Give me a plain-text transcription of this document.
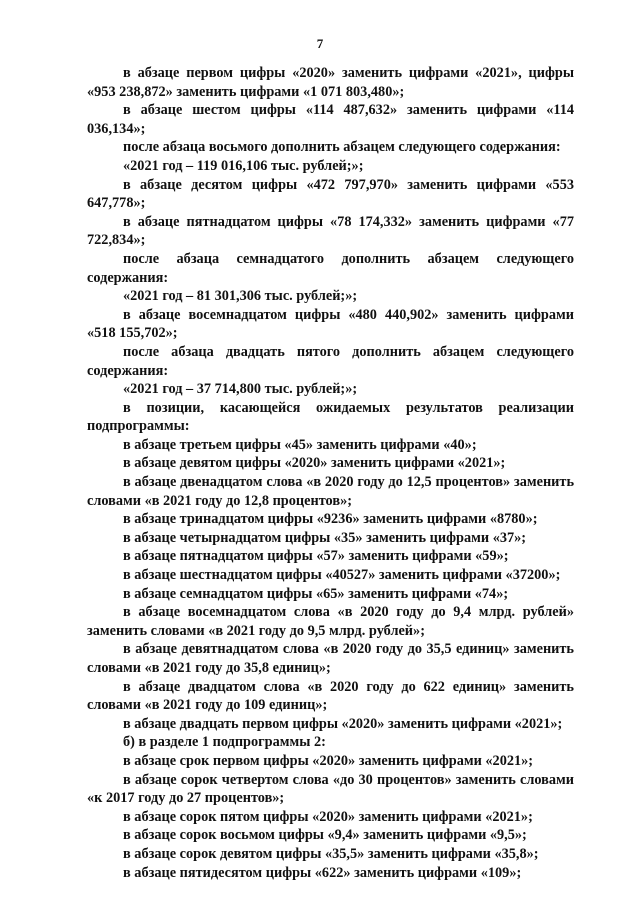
7

в абзаце первом цифры «2020» заменить цифрами «2021», цифры «953 238,872» заменить цифрами «1 071 803,480»;

в абзаце шестом цифры «114 487,632» заменить цифрами «114 036,134»;

после абзаца восьмого дополнить абзацем следующего содержания:

«2021 год – 119 016,106 тыс. рублей;»;

в абзаце десятом цифры «472 797,970» заменить цифрами «553 647,778»;

в абзаце пятнадцатом цифры «78 174,332» заменить цифрами «77 722,834»;

после абзаца семнадцатого дополнить абзацем следующего содержания:

«2021 год – 81 301,306 тыс. рублей;»;

в абзаце восемнадцатом цифры «480 440,902» заменить цифрами «518 155,702»;

после абзаца двадцать пятого дополнить абзацем следующего содержания:

«2021 год – 37 714,800 тыс. рублей;»;

в позиции, касающейся ожидаемых результатов реализации подпрограммы:

в абзаце третьем цифры «45» заменить цифрами «40»;

в абзаце девятом цифры «2020» заменить цифрами «2021»;

в абзаце двенадцатом слова «в 2020 году до 12,5 процентов» заменить словами «в 2021 году до 12,8 процентов»;

в абзаце тринадцатом цифры «9236» заменить цифрами «8780»;

в абзаце четырнадцатом цифры «35» заменить цифрами «37»;

в абзаце пятнадцатом цифры «57» заменить цифрами «59»;

в абзаце шестнадцатом цифры «40527» заменить цифрами «37200»;

в абзаце семнадцатом цифры «65» заменить цифрами «74»;

в абзаце восемнадцатом слова «в 2020 году до 9,4 млрд. рублей» заменить словами «в 2021 году до 9,5 млрд. рублей»;

в абзаце девятнадцатом слова «в 2020 году до 35,5 единиц» заменить словами «в 2021 году до 35,8 единиц»;

в абзаце двадцатом слова «в 2020 году до 622 единиц» заменить словами «в 2021 году до 109 единиц»;

в абзаце двадцать первом цифры «2020» заменить цифрами «2021»;

б) в разделе 1 подпрограммы 2:

в абзаце срок первом цифры «2020» заменить цифрами «2021»;

в абзаце сорок четвертом слова «до 30 процентов» заменить словами «к 2017 году до 27 процентов»;

в абзаце сорок пятом цифры «2020» заменить цифрами «2021»;

в абзаце сорок восьмом цифры «9,4» заменить цифрами «9,5»;

в абзаце сорок девятом цифры «35,5» заменить цифрами «35,8»;

в абзаце пятидесятом цифры «622» заменить цифрами «109»;
